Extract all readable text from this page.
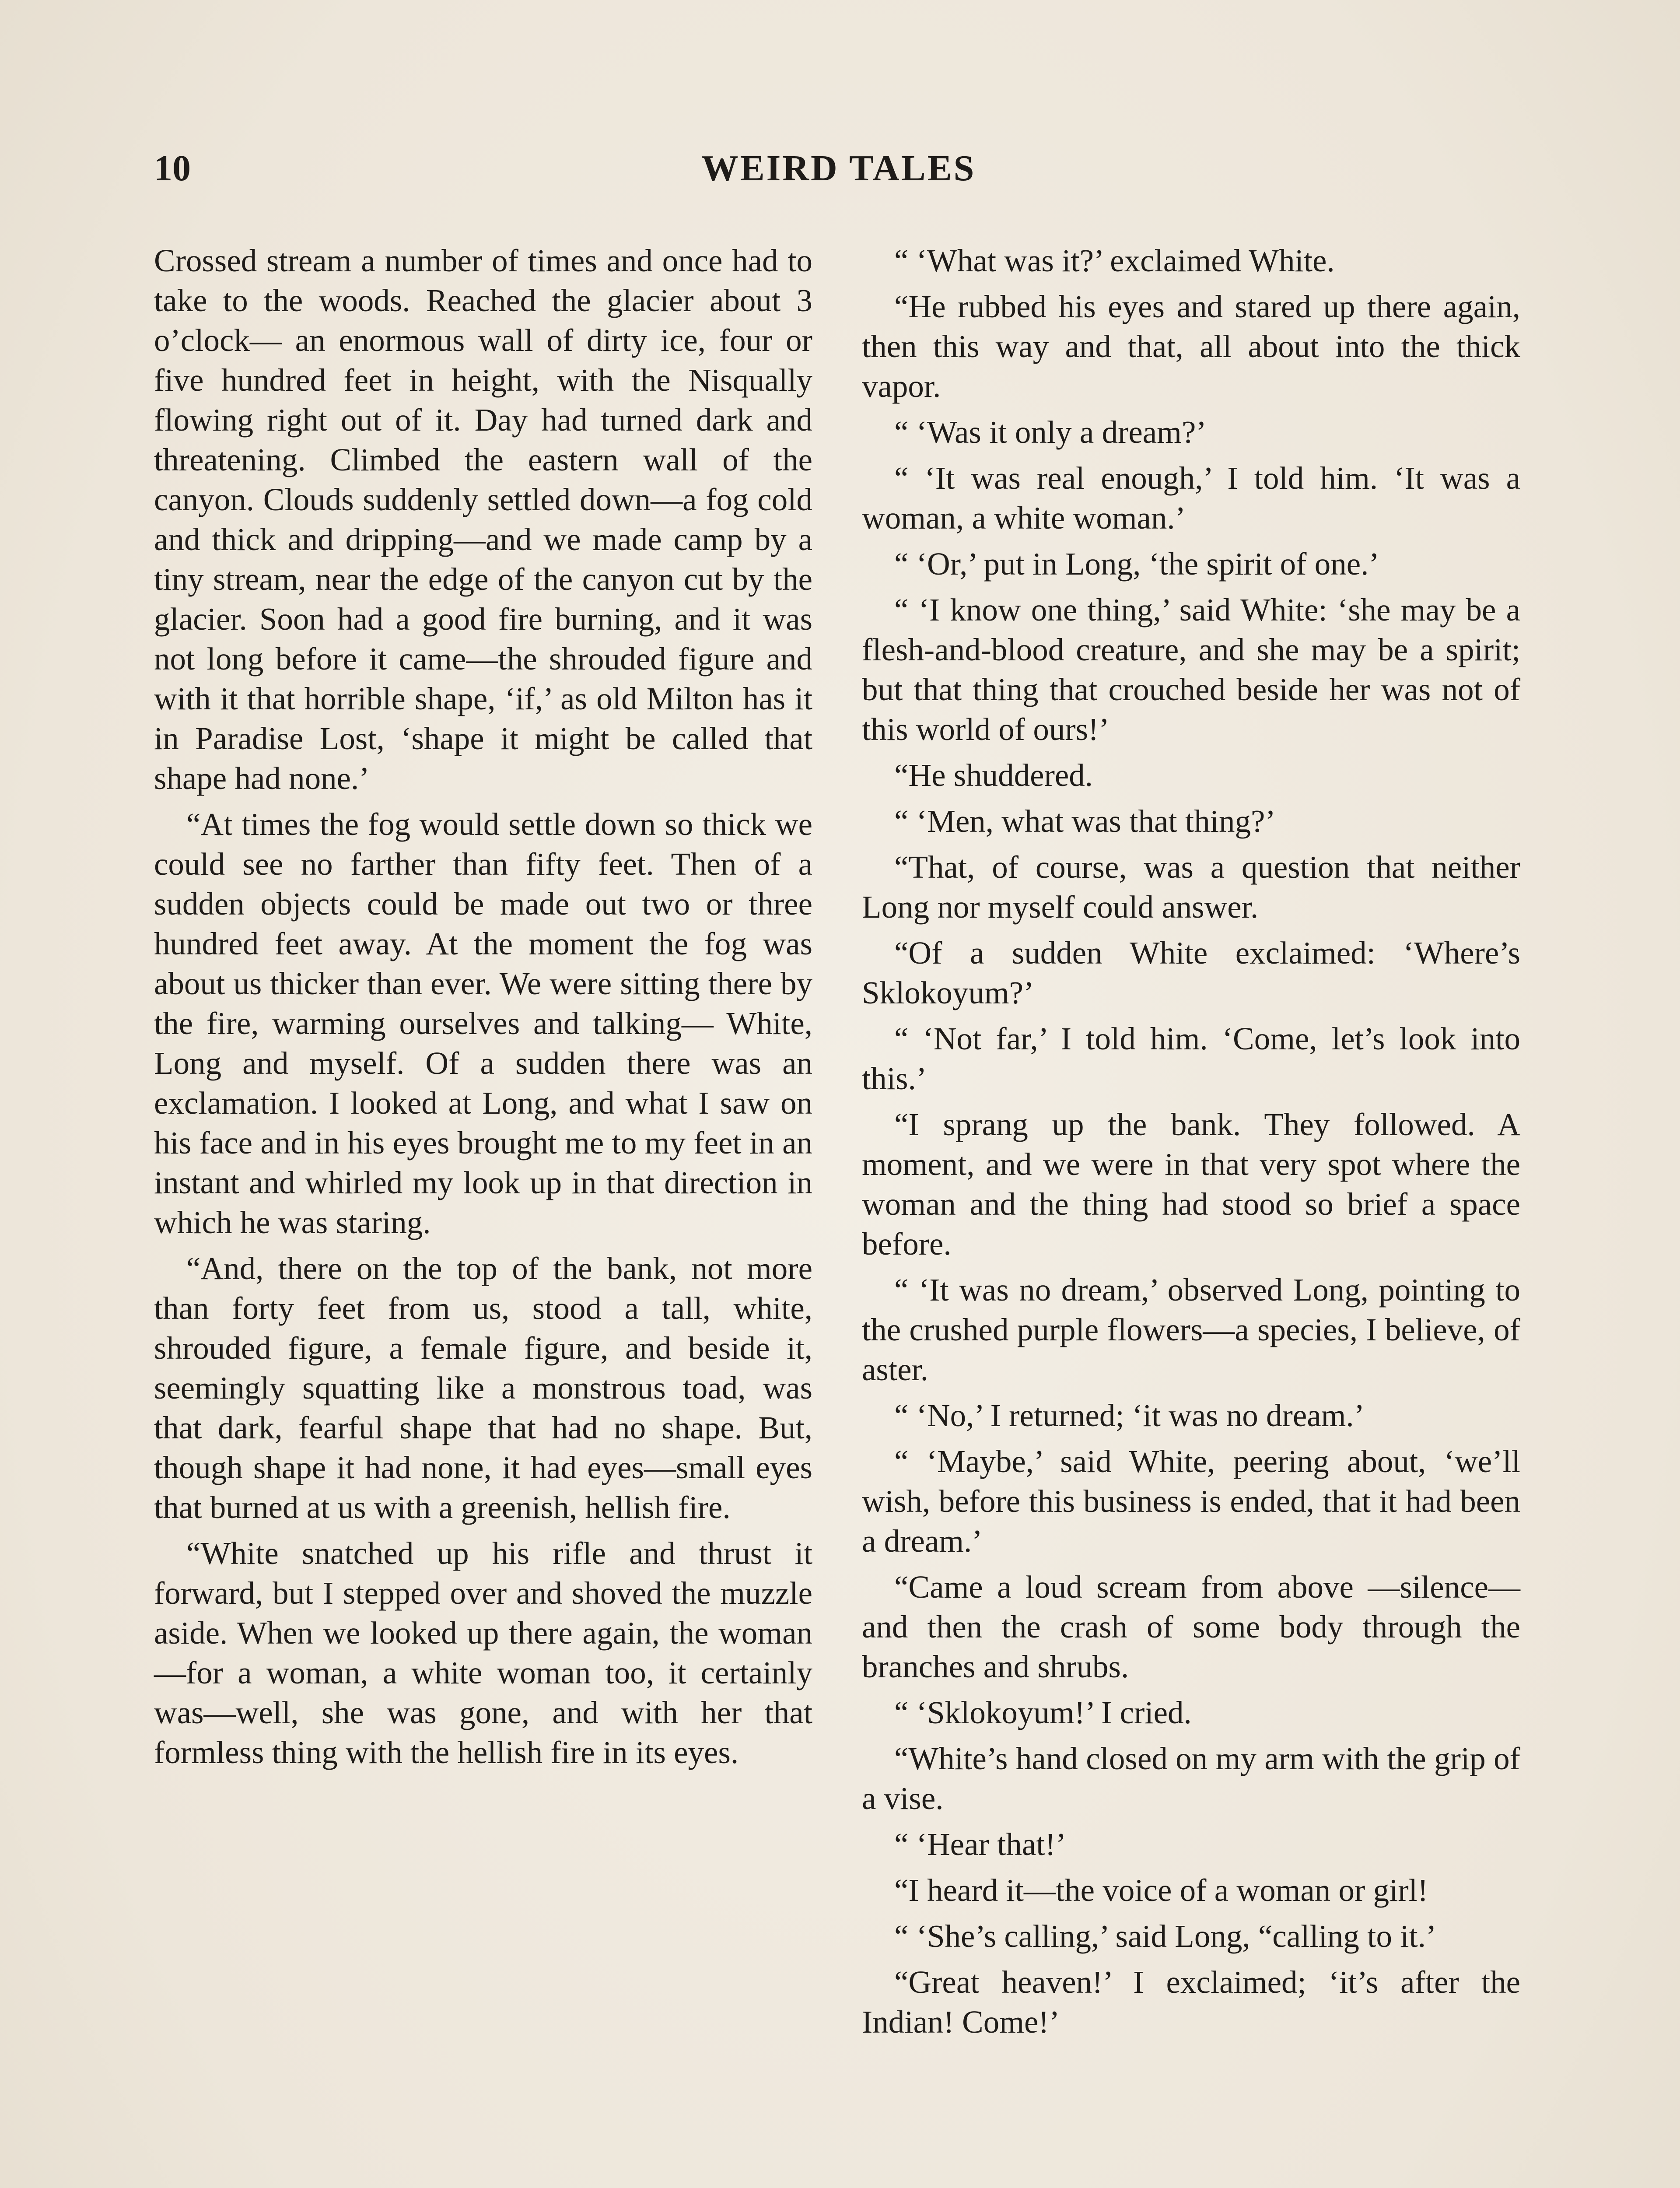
10	WEIRD TALES

Crossed stream a number of times and once had to take to the woods. Reached the glacier about 3 o’clock— an enormous wall of dirty ice, four or five hundred feet in height, with the Nisqually flowing right out of it. Day had turned dark and threatening. Climbed the eastern wall of the canyon. Clouds suddenly settled down—a fog cold and thick and dripping—and we made camp by a tiny stream, near the edge of the canyon cut by the glacier. Soon had a good fire burning, and it was not long before it came—the shrouded figure and with it that horrible shape, ‘if,’ as old Milton has it in Paradise Lost, ‘shape it might be called that shape had none.’

“At times the fog would settle down so thick we could see no farther than fifty feet. Then of a sudden objects could be made out two or three hundred feet away. At the moment the fog was about us thicker than ever. We were sitting there by the fire, warming ourselves and talking— White, Long and myself. Of a sudden there was an exclamation. I looked at Long, and what I saw on his face and in his eyes brought me to my feet in an instant and whirled my look up in that direction in which he was staring.

“And, there on the top of the bank, not more than forty feet from us, stood a tall, white, shrouded figure, a female figure, and beside it, seemingly squatting like a monstrous toad, was that dark, fearful shape that had no shape. But, though shape it had none, it had eyes—small eyes that burned at us with a greenish, hellish fire.

“White snatched up his rifle and thrust it forward, but I stepped over and shoved the muzzle aside. When we looked up there again, the woman —for a woman, a white woman too, it certainly was—well, she was gone, and with her that formless thing with the hellish fire in its eyes.

“ ‘What was it?’ exclaimed White.

“He rubbed his eyes and stared up there again, then this way and that, all about into the thick vapor.

“ ‘Was it only a dream?’

“ ‘It was real enough,’ I told him. ‘It was a woman, a white woman.’

“ ‘Or,’ put in Long, ‘the spirit of one.’

“ ‘I know one thing,’ said White: ‘she may be a flesh-and-blood creature, and she may be a spirit; but that thing that crouched beside her was not of this world of ours!’

“He shuddered.

“ ‘Men, what was that thing?’

“That, of course, was a question that neither Long nor myself could answer.

“Of a sudden White exclaimed: ‘Where’s Sklokoyum?’

“ ‘Not far,’ I told him. ‘Come, let’s look into this.’

“I sprang up the bank. They followed. A moment, and we were in that very spot where the woman and the thing had stood so brief a space before.

“ ‘It was no dream,’ observed Long, pointing to the crushed purple flowers—a species, I believe, of aster.

“ ‘No,’ I returned; ‘it was no dream.’

“ ‘Maybe,’ said White, peering about, ‘we’ll wish, before this business is ended, that it had been a dream.’

“Came a loud scream from above —silence—and then the crash of some body through the branches and shrubs.

“ ‘Sklokoyum!’ I cried.

“White’s hand closed on my arm with the grip of a vise.

“ ‘Hear that!’

“I heard it—the voice of a woman or girl!

“ ‘She’s calling,’ said Long, “calling to it.’

“Great heaven!’ I exclaimed; ‘it’s after the Indian! Come!’
